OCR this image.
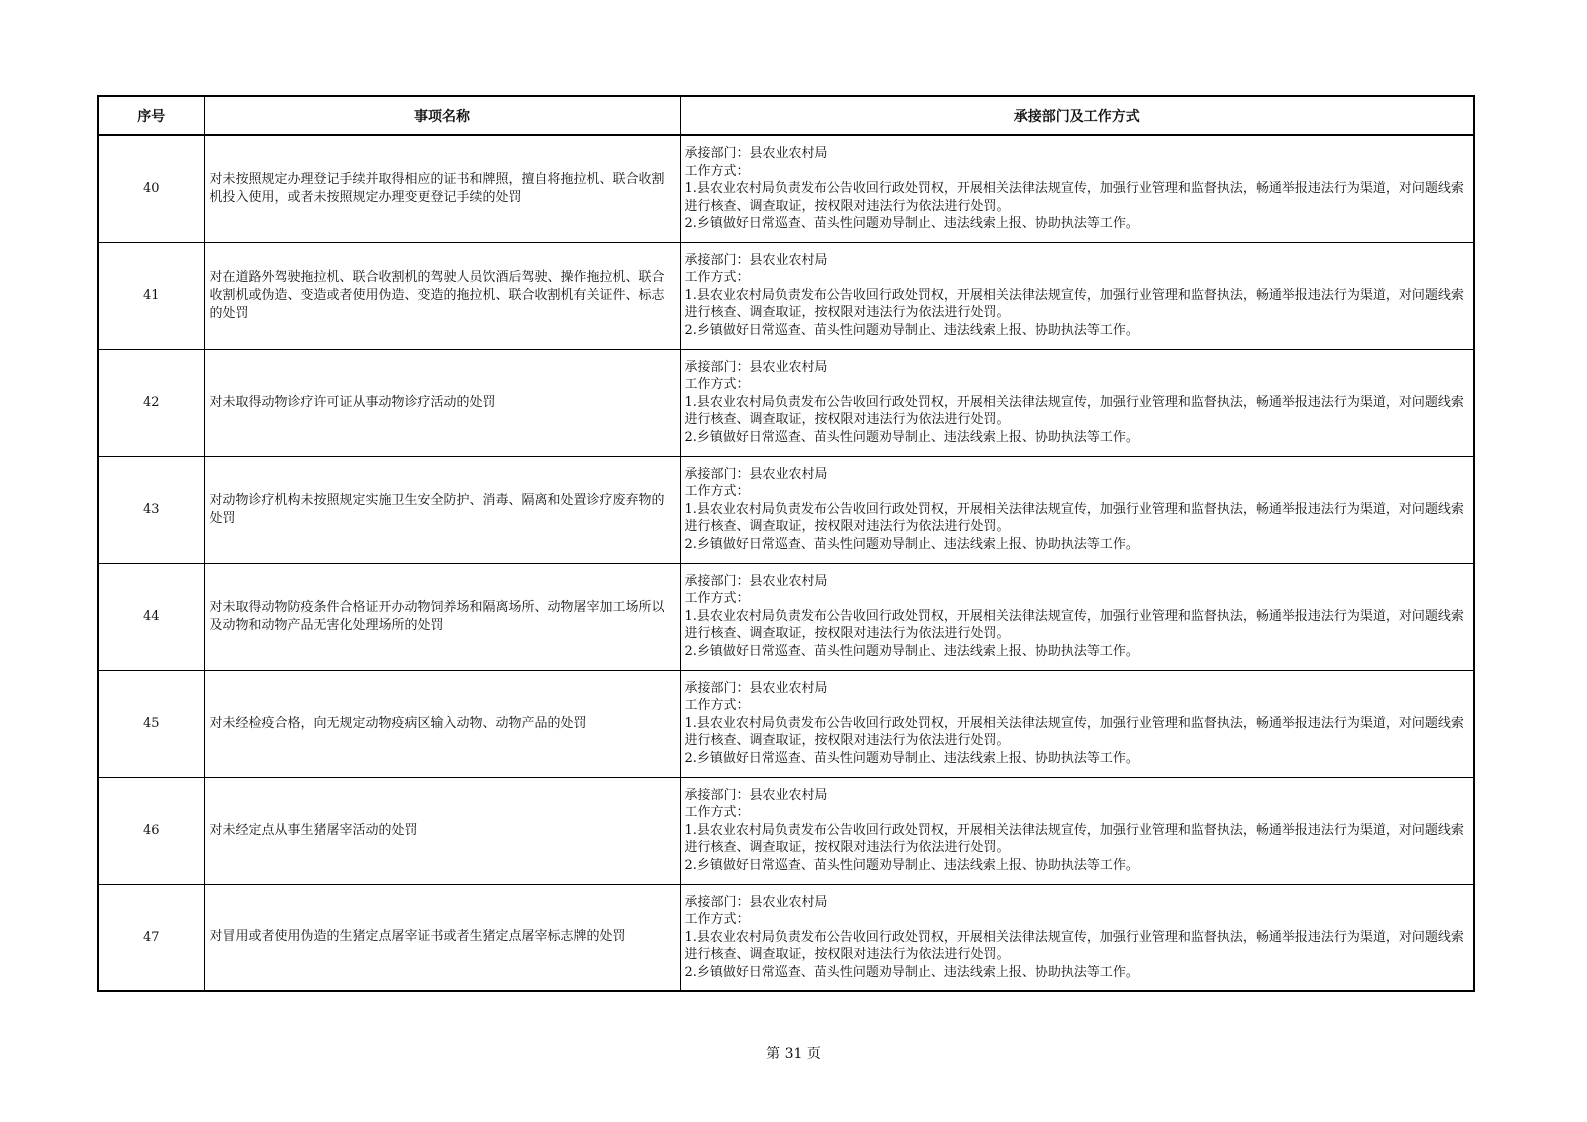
序号	事项名称	承接部门及工作方式
40	对未按照规定办理登记手续并取得相应的证书和牌照，擅自将拖拉机、联合收割机投入使用，或者未按照规定办理变更登记手续的处罚	承接部门：县农业农村局
工作方式：
1.县农业农村局负责发布公告收回行政处罚权，开展相关法律法规宣传，加强行业管理和监督执法，畅通举报违法行为渠道，对问题线索进行核查、调查取证，按权限对违法行为依法进行处罚。
2.乡镇做好日常巡查、苗头性问题劝导制止、违法线索上报、协助执法等工作。

41	对在道路外驾驶拖拉机、联合收割机的驾驶人员饮酒后驾驶、操作拖拉机、联合收割机或伪造、变造或者使用伪造、变造的拖拉机、联合收割机有关证件、标志的处罚	承接部门：县农业农村局
工作方式：
1.县农业农村局负责发布公告收回行政处罚权，开展相关法律法规宣传，加强行业管理和监督执法，畅通举报违法行为渠道，对问题线索进行核查、调查取证，按权限对违法行为依法进行处罚。
2.乡镇做好日常巡查、苗头性问题劝导制止、违法线索上报、协助执法等工作。

42	对未取得动物诊疗许可证从事动物诊疗活动的处罚	承接部门：县农业农村局
工作方式：
1.县农业农村局负责发布公告收回行政处罚权，开展相关法律法规宣传，加强行业管理和监督执法，畅通举报违法行为渠道，对问题线索进行核查、调查取证，按权限对违法行为依法进行处罚。
2.乡镇做好日常巡查、苗头性问题劝导制止、违法线索上报、协助执法等工作。

43	对动物诊疗机构未按照规定实施卫生安全防护、消毒、隔离和处置诊疗废弃物的处罚	承接部门：县农业农村局
工作方式：
1.县农业农村局负责发布公告收回行政处罚权，开展相关法律法规宣传，加强行业管理和监督执法，畅通举报违法行为渠道，对问题线索进行核查、调查取证，按权限对违法行为依法进行处罚。
2.乡镇做好日常巡查、苗头性问题劝导制止、违法线索上报、协助执法等工作。

44	对未取得动物防疫条件合格证开办动物饲养场和隔离场所、动物屠宰加工场所以及动物和动物产品无害化处理场所的处罚	承接部门：县农业农村局
工作方式：
1.县农业农村局负责发布公告收回行政处罚权，开展相关法律法规宣传，加强行业管理和监督执法，畅通举报违法行为渠道，对问题线索进行核查、调查取证，按权限对违法行为依法进行处罚。
2.乡镇做好日常巡查、苗头性问题劝导制止、违法线索上报、协助执法等工作。

45	对未经检疫合格，向无规定动物疫病区输入动物、动物产品的处罚	承接部门：县农业农村局
工作方式：
1.县农业农村局负责发布公告收回行政处罚权，开展相关法律法规宣传，加强行业管理和监督执法，畅通举报违法行为渠道，对问题线索进行核查、调查取证，按权限对违法行为依法进行处罚。
2.乡镇做好日常巡查、苗头性问题劝导制止、违法线索上报、协助执法等工作。

46	对未经定点从事生猪屠宰活动的处罚	承接部门：县农业农村局
工作方式：
1.县农业农村局负责发布公告收回行政处罚权，开展相关法律法规宣传，加强行业管理和监督执法，畅通举报违法行为渠道，对问题线索进行核查、调查取证，按权限对违法行为依法进行处罚。
2.乡镇做好日常巡查、苗头性问题劝导制止、违法线索上报、协助执法等工作。

47	对冒用或者使用伪造的生猪定点屠宰证书或者生猪定点屠宰标志牌的处罚	承接部门：县农业农村局
工作方式：
1.县农业农村局负责发布公告收回行政处罚权，开展相关法律法规宣传，加强行业管理和监督执法，畅通举报违法行为渠道，对问题线索进行核查、调查取证，按权限对违法行为依法进行处罚。
2.乡镇做好日常巡查、苗头性问题劝导制止、违法线索上报、协助执法等工作。
第 31 页
